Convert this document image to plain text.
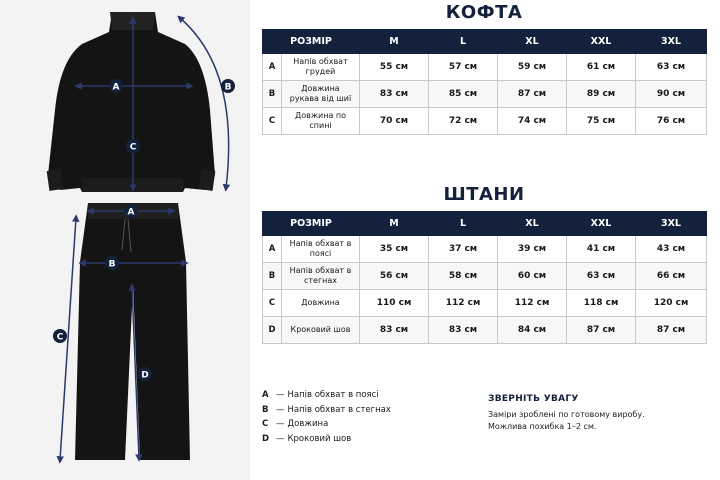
A	B
C
A
B
C
D
КОФТА
РОЗМІР		M	L	XL	XXL	3XL
A	Напів обхват грудей	55 см	57 см	59 см	61 см	63 см
B	Довжина рукава від шиї	83 см	85 см	87 см	89 см	90 см
C	Довжина по спині	70 см	72 см	74 см	75 см	76 см
ШТАНИ
РОЗМІР		M	L	XL	XXL	3XL
A	Напів обхват в поясі	35 см	37 см	39 см	41 см	43 см
B	Напів обхват в стегнах	56 см	58 см	60 см	63 см	66 см
C	Довжина	110 см	112 см	112 см	118 см	120 см
D	Кроковий шов	83 см	83 см	84 см	87 см	87 см
A — Напів обхват в поясі
B — Напів обхват в стегнах
C — Довжина
D — Кроковий шов
ЗВЕРНІТЬ УВАГУ
Заміри зроблені по готовому виробу.
Можлива похибка 1–2 см.
